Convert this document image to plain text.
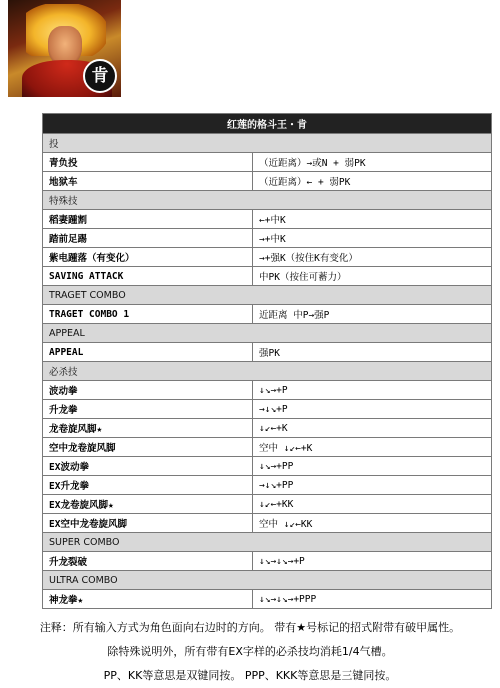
肯
红莲的格斗王・肯	
投	
青负投	（近距离）→或N + 弱PK
地狱车	（近距离）← + 弱PK
特殊技	
稻妻踵割	←+中K
踏前足踢	→+中K
紫电踵落（有变化）	→+强K（按住K有变化）
SAVING ATTACK	中PK（按住可蓄力）
TRAGET COMBO	
TRAGET COMBO 1	近距离 中P→强P
APPEAL	
APPEAL	强PK
必杀技	
波动拳	↓↘→+P
升龙拳	→↓↘+P
龙卷旋风脚★	↓↙←+K
空中龙卷旋风脚	空中 ↓↙←+K
EX波动拳	↓↘→+PP
EX升龙拳	→↓↘+PP
EX龙卷旋风脚★	↓↙←+KK
EX空中龙卷旋风脚	空中 ↓↙←KK
SUPER COMBO	
升龙裂破	↓↘→↓↘→+P
ULTRA COMBO	
神龙拳★	↓↘→↓↘→+PPP
注释：所有输入方式为角色面向右边时的方向。 带有★号标记的招式附带有破甲属性。
除特殊说明外，所有带有EX字样的必杀技均消耗1/4气槽。
PP、KK等意思是双键同按。 PPP、KKK等意思是三键同按。
